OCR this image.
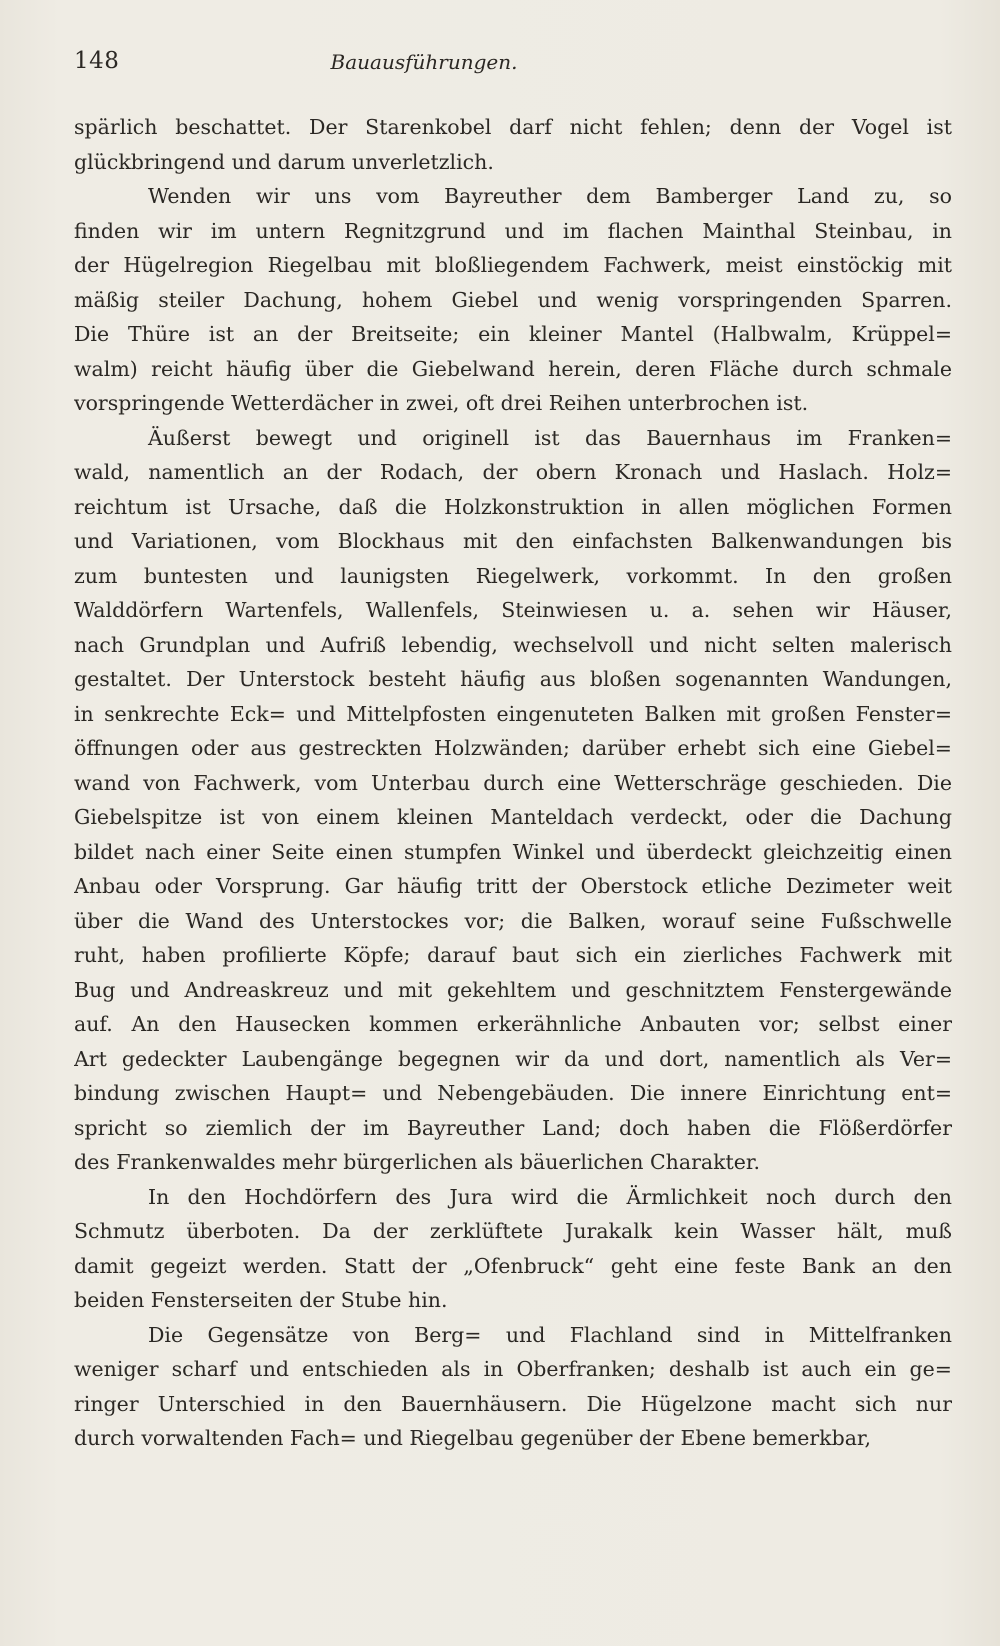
148	Bauausführungen.
spärlich beschattet. Der Starenkobel darf nicht fehlen; denn der Vogel ist
glückbringend und darum unverletzlich.
Wenden wir uns vom Bayreuther dem Bamberger Land zu, so
finden wir im untern Regnitzgrund und im flachen Mainthal Steinbau, in
der Hügelregion Riegelbau mit bloßliegendem Fachwerk, meist einstöckig mit
mäßig steiler Dachung, hohem Giebel und wenig vorspringenden Sparren.
Die Thüre ist an der Breitseite; ein kleiner Mantel (Halbwalm, Krüppel=
walm) reicht häufig über die Giebelwand herein, deren Fläche durch schmale
vorspringende Wetterdächer in zwei, oft drei Reihen unterbrochen ist.
Äußerst bewegt und originell ist das Bauernhaus im Franken=
wald, namentlich an der Rodach, der obern Kronach und Haslach. Holz=
reichtum ist Ursache, daß die Holzkonstruktion in allen möglichen Formen
und Variationen, vom Blockhaus mit den einfachsten Balkenwandungen bis
zum buntesten und launigsten Riegelwerk, vorkommt. In den großen
Walddörfern Wartenfels, Wallenfels, Steinwiesen u. a. sehen wir Häuser,
nach Grundplan und Aufriß lebendig, wechselvoll und nicht selten malerisch
gestaltet. Der Unterstock besteht häufig aus bloßen sogenannten Wandungen,
in senkrechte Eck= und Mittelpfosten eingenuteten Balken mit großen Fenster=
öffnungen oder aus gestreckten Holzwänden; darüber erhebt sich eine Giebel=
wand von Fachwerk, vom Unterbau durch eine Wetterschräge geschieden. Die
Giebelspitze ist von einem kleinen Manteldach verdeckt, oder die Dachung
bildet nach einer Seite einen stumpfen Winkel und überdeckt gleichzeitig einen
Anbau oder Vorsprung. Gar häufig tritt der Oberstock etliche Dezimeter weit
über die Wand des Unterstockes vor; die Balken, worauf seine Fußschwelle
ruht, haben profilierte Köpfe; darauf baut sich ein zierliches Fachwerk mit
Bug und Andreaskreuz und mit gekehltem und geschnitztem Fenstergewände
auf. An den Hausecken kommen erkerähnliche Anbauten vor; selbst einer
Art gedeckter Laubengänge begegnen wir da und dort, namentlich als Ver=
bindung zwischen Haupt= und Nebengebäuden. Die innere Einrichtung ent=
spricht so ziemlich der im Bayreuther Land; doch haben die Flößerdörfer
des Frankenwaldes mehr bürgerlichen als bäuerlichen Charakter.
In den Hochdörfern des Jura wird die Ärmlichkeit noch durch den
Schmutz überboten. Da der zerklüftete Jurakalk kein Wasser hält, muß
damit gegeizt werden. Statt der „Ofenbruck“ geht eine feste Bank an den
beiden Fensterseiten der Stube hin.
Die Gegensätze von Berg= und Flachland sind in Mittelfranken
weniger scharf und entschieden als in Oberfranken; deshalb ist auch ein ge=
ringer Unterschied in den Bauernhäusern. Die Hügelzone macht sich nur
durch vorwaltenden Fach= und Riegelbau gegenüber der Ebene bemerkbar,
